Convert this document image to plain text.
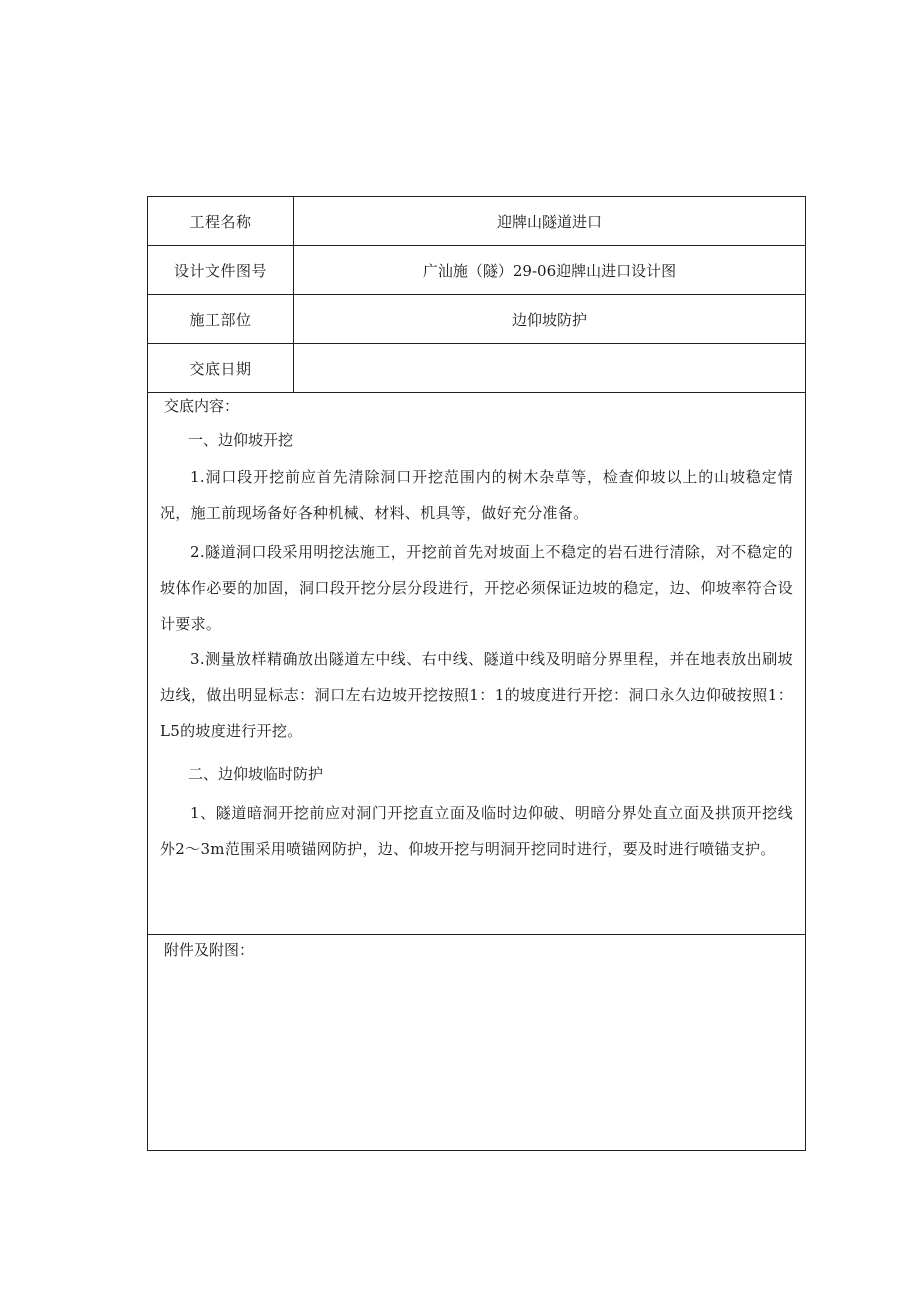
工程名称	迎牌山隧道进口
设计文件图号	广汕施（隧）29-06迎牌山进口设计图
施工部位	边仰坡防护
交底日期
交底内容：
一、边仰坡开挖
1.洞口段开挖前应首先清除洞口开挖范围内的树木杂草等，检查仰坡以上的山坡稳定情况，施工前现场备好各种机械、材料、机具等，做好充分准备。
2.隧道洞口段采用明挖法施工，开挖前首先对坡面上不稳定的岩石进行清除，对不稳定的坡体作必要的加固，洞口段开挖分层分段进行，开挖必须保证边坡的稳定，边、仰坡率符合设计要求。
3.测量放样精确放出隧道左中线、右中线、隧道中线及明暗分界里程，并在地表放出刷坡边线，做出明显标志：洞口左右边坡开挖按照1：1的坡度进行开挖：洞口永久边仰破按照1：L5的坡度进行开挖。
二、边仰坡临时防护
1、隧道暗洞开挖前应对洞门开挖直立面及临时边仰破、明暗分界处直立面及拱顶开挖线外2～3m范围采用喷锚网防护，边、仰坡开挖与明洞开挖同时进行，要及时进行喷锚支护。
附件及附图：
